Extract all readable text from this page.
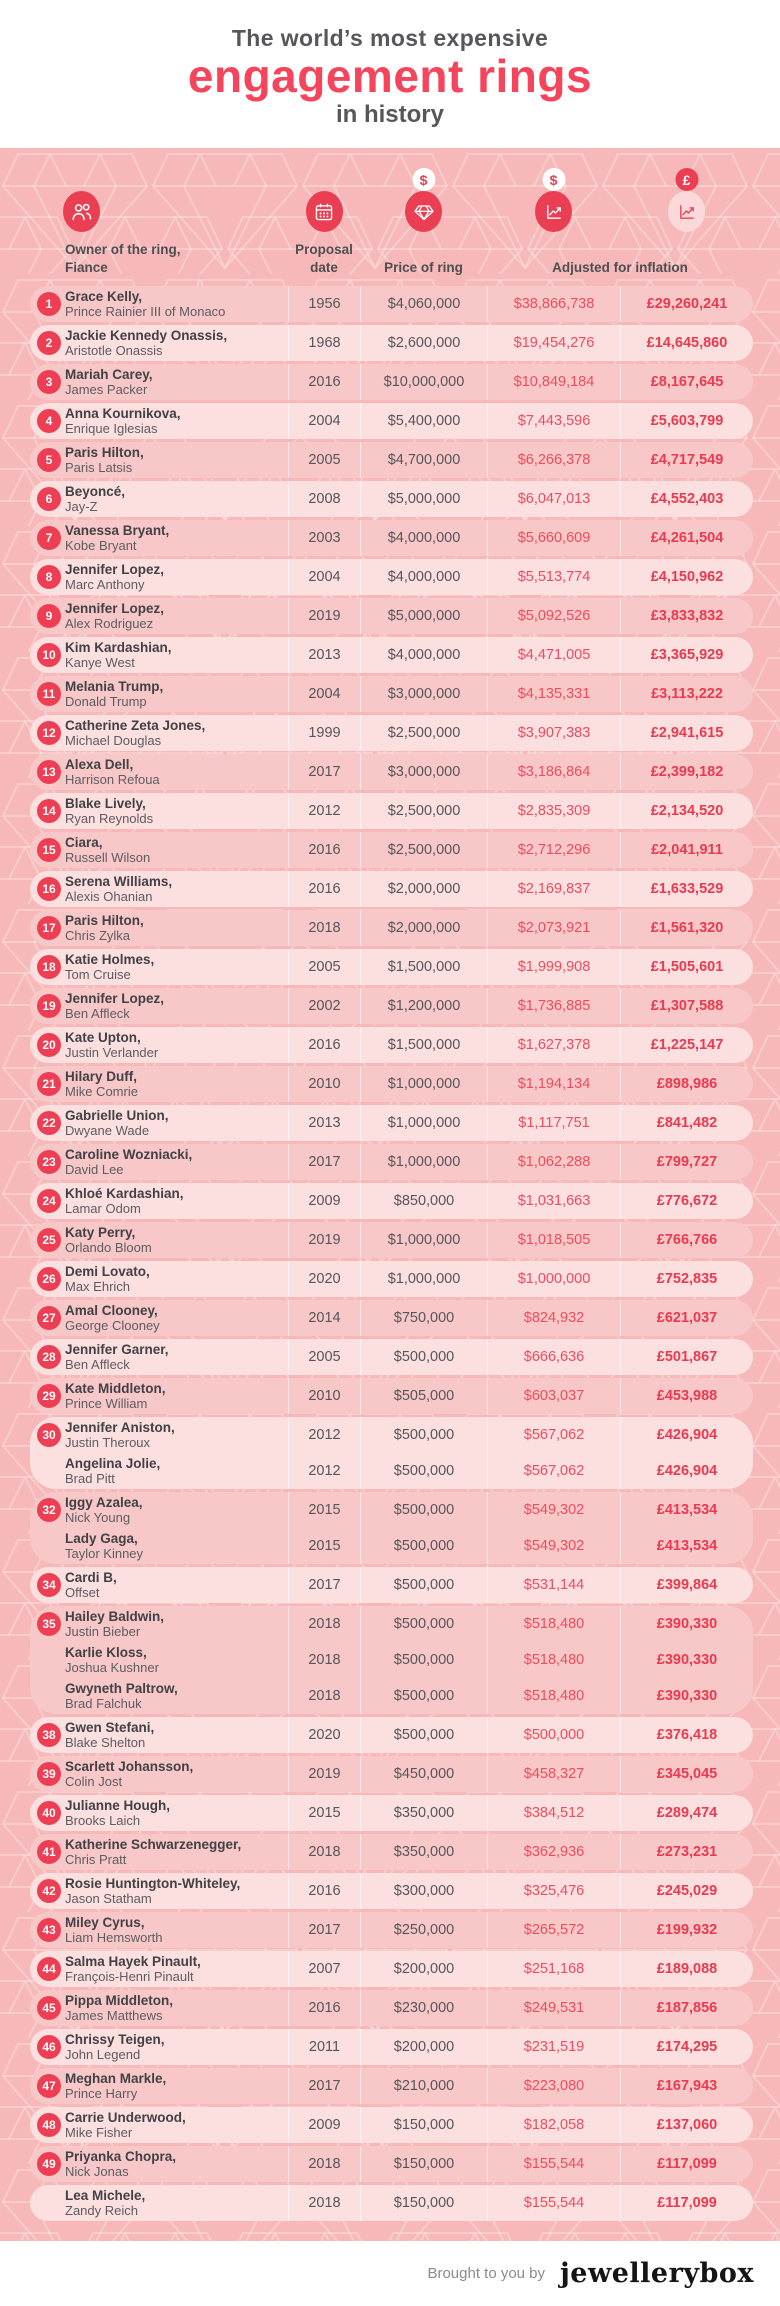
The world’s most expensive
engagement rings
in history
$	$	£
Owner of the ring,
Fiance
Proposal
date	Price of ring	Adjusted for inflation
1
Grace Kelly,
Prince Rainier III of Monaco	1956	$4,060,000	$38,866,738	£29,260,241
2
Jackie Kennedy Onassis,
Aristotle Onassis	1968	$2,600,000	$19,454,276	£14,645,860
3
Mariah Carey,
James Packer	2016	$10,000,000	$10,849,184	£8,167,645
4
Anna Kournikova,
Enrique Iglesias	2004	$5,400,000	$7,443,596	£5,603,799
5
Paris Hilton,
Paris Latsis	2005	$4,700,000	$6,266,378	£4,717,549
6
Beyoncé,
Jay-Z	2008	$5,000,000	$6,047,013	£4,552,403
7
Vanessa Bryant,
Kobe Bryant	2003	$4,000,000	$5,660,609	£4,261,504
8
Jennifer Lopez,
Marc Anthony	2004	$4,000,000	$5,513,774	£4,150,962
9
Jennifer Lopez,
Alex Rodriguez	2019	$5,000,000	$5,092,526	£3,833,832
10
Kim Kardashian,
Kanye West	2013	$4,000,000	$4,471,005	£3,365,929
11
Melania Trump,
Donald Trump	2004	$3,000,000	$4,135,331	£3,113,222
12
Catherine Zeta Jones,
Michael Douglas	1999	$2,500,000	$3,907,383	£2,941,615
13
Alexa Dell,
Harrison Refoua	2017	$3,000,000	$3,186,864	£2,399,182
14
Blake Lively,
Ryan Reynolds	2012	$2,500,000	$2,835,309	£2,134,520
15
Ciara,
Russell Wilson	2016	$2,500,000	$2,712,296	£2,041,911
16
Serena Williams,
Alexis Ohanian	2016	$2,000,000	$2,169,837	£1,633,529
17
Paris Hilton,
Chris Zylka	2018	$2,000,000	$2,073,921	£1,561,320
18
Katie Holmes,
Tom Cruise	2005	$1,500,000	$1,999,908	£1,505,601
19
Jennifer Lopez,
Ben Affleck	2002	$1,200,000	$1,736,885	£1,307,588
20
Kate Upton,
Justin Verlander	2016	$1,500,000	$1,627,378	£1,225,147
21
Hilary Duff,
Mike Comrie	2010	$1,000,000	$1,194,134	£898,986
22
Gabrielle Union,
Dwyane Wade	2013	$1,000,000	$1,117,751	£841,482
23
Caroline Wozniacki,
David Lee	2017	$1,000,000	$1,062,288	£799,727
24
Khloé Kardashian,
Lamar Odom	2009	$850,000	$1,031,663	£776,672
25
Katy Perry,
Orlando Bloom	2019	$1,000,000	$1,018,505	£766,766
26
Demi Lovato,
Max Ehrich	2020	$1,000,000	$1,000,000	£752,835
27
Amal Clooney,
George Clooney	2014	$750,000	$824,932	£621,037
28
Jennifer Garner,
Ben Affleck	2005	$500,000	$666,636	£501,867
29
Kate Middleton,
Prince William	2010	$505,000	$603,037	£453,988
30
Jennifer Aniston,
Justin Theroux	2012	$500,000	$567,062	£426,904
Angelina Jolie,
Brad Pitt	2012	$500,000	$567,062	£426,904
32
Iggy Azalea,
Nick Young	2015	$500,000	$549,302	£413,534
Lady Gaga,
Taylor Kinney	2015	$500,000	$549,302	£413,534
34
Cardi B,
Offset	2017	$500,000	$531,144	£399,864
35
Hailey Baldwin,
Justin Bieber	2018	$500,000	$518,480	£390,330
Karlie Kloss,
Joshua Kushner	2018	$500,000	$518,480	£390,330
Gwyneth Paltrow,
Brad Falchuk	2018	$500,000	$518,480	£390,330
38
Gwen Stefani,
Blake Shelton	2020	$500,000	$500,000	£376,418
39
Scarlett Johansson,
Colin Jost	2019	$450,000	$458,327	£345,045
40
Julianne Hough,
Brooks Laich	2015	$350,000	$384,512	£289,474
41
Katherine Schwarzenegger,
Chris Pratt	2018	$350,000	$362,936	£273,231
42
Rosie Huntington-Whiteley,
Jason Statham	2016	$300,000	$325,476	£245,029
43
Miley Cyrus,
Liam Hemsworth	2017	$250,000	$265,572	£199,932
44
Salma Hayek Pinault,
François-Henri Pinault	2007	$200,000	$251,168	£189,088
45
Pippa Middleton,
James Matthews	2016	$230,000	$249,531	£187,856
46
Chrissy Teigen,
John Legend	2011	$200,000	$231,519	£174,295
47
Meghan Markle,
Prince Harry	2017	$210,000	$223,080	£167,943
48
Carrie Underwood,
Mike Fisher	2009	$150,000	$182,058	£137,060
49
Priyanka Chopra,
Nick Jonas	2018	$150,000	$155,544	£117,099
Lea Michele,
Zandy Reich	2018	$150,000	$155,544	£117,099
Brought to you by jewellerybox
